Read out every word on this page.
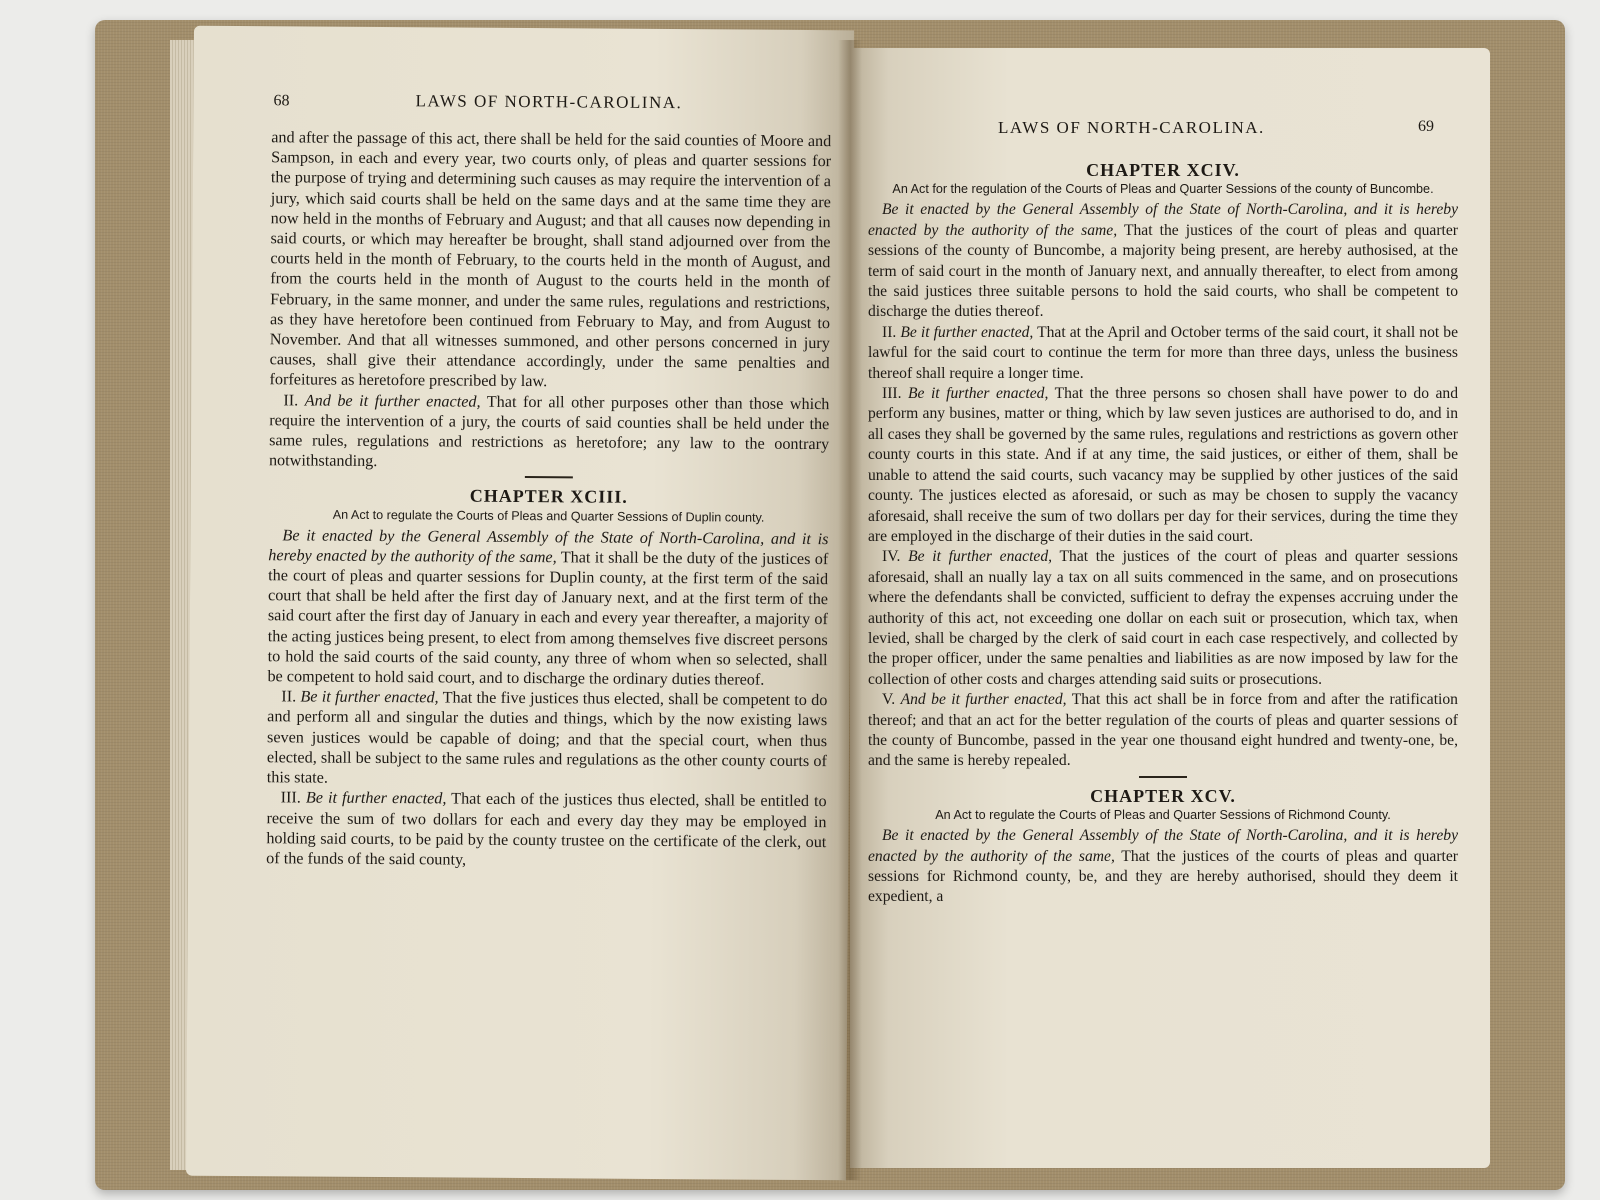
68	LAWS OF NORTH-CAROLINA.

and after the passage of this act, there shall be held for the said counties of Moore and Sampson, in each and every year, two courts only, of pleas and quarter sessions for the purpose of trying and determining such causes as may require the intervention of a jury, which said courts shall be held on the same days and at the same time they are now held in the months of February and August; and that all causes now depending in said courts, or which may hereafter be brought, shall stand adjourned over from the courts held in the month of February, to the courts held in the month of August, and from the courts held in the month of August to the courts held in the month of February, in the same monner, and under the same rules, regulations and restrictions, as they have heretofore been continued from February to May, and from August to November. And that all witnesses summoned, and other persons concerned in jury causes, shall give their attendance accordingly, under the same penalties and forfeitures as heretofore prescribed by law.

II. And be it further enacted, That for all other purposes other than those which require the intervention of a jury, the courts of said counties shall be held under the same rules, regulations and restrictions as heretofore; any law to the oontrary notwithstanding.

CHAPTER XCIII.
An Act to regulate the Courts of Pleas and Quarter Sessions of Duplin county.

Be it enacted by the General Assembly of the State of North-Carolina, and it is hereby enacted by the authority of the same, That it shall be the duty of the justices of the court of pleas and quarter sessions for Duplin county, at the first term of the said court that shall be held after the first day of January next, and at the first term of the said court after the first day of January in each and every year thereafter, a majority of the acting justices being present, to elect from among themselves five discreet persons to hold the said courts of the said county, any three of whom when so selected, shall be competent to hold said court, and to discharge the ordinary duties thereof.

II. Be it further enacted, That the five justices thus elected, shall be competent to do and perform all and singular the duties and things, which by the now existing laws seven justices would be capable of doing; and that the special court, when thus elected, shall be subject to the same rules and regulations as the other county courts of this state.

III. Be it further enacted, That each of the justices thus elected, shall be entitled to receive the sum of two dollars for each and every day they may be employed in holding said courts, to be paid by the county trustee on the certificate of the clerk, out of the funds of the said county,

LAWS OF NORTH-CAROLINA.	69
CHAPTER XCIV.
An Act for the regulation of the Courts of Pleas and Quarter Sessions of the county of Buncombe.

Be it enacted by the General Assembly of the State of North-Carolina, and it is hereby enacted by the authority of the same, That the justices of the court of pleas and quarter sessions of the county of Buncombe, a majority being present, are hereby authosised, at the term of said court in the month of January next, and annually thereafter, to elect from among the said justices three suitable persons to hold the said courts, who shall be competent to discharge the duties thereof.

II. Be it further enacted, That at the April and October terms of the said court, it shall not be lawful for the said court to continue the term for more than three days, unless the business thereof shall require a longer time.

III. Be it further enacted, That the three persons so chosen shall have power to do and perform any busines, matter or thing, which by law seven justices are authorised to do, and in all cases they shall be governed by the same rules, regulations and restrictions as govern other county courts in this state. And if at any time, the said justices, or either of them, shall be unable to attend the said courts, such vacancy may be supplied by other justices of the said county. The justices elected as aforesaid, or such as may be chosen to supply the vacancy aforesaid, shall receive the sum of two dollars per day for their services, during the time they are employed in the discharge of their duties in the said court.

IV. Be it further enacted, That the justices of the court of pleas and quarter sessions aforesaid, shall an nually lay a tax on all suits commenced in the same, and on prosecutions where the defendants shall be convicted, sufficient to defray the expenses accruing under the authority of this act, not exceeding one dollar on each suit or prosecution, which tax, when levied, shall be charged by the clerk of said court in each case respectively, and collected by the proper officer, under the same penalties and liabilities as are now imposed by law for the collection of other costs and charges attending said suits or prosecutions.

V. And be it further enacted, That this act shall be in force from and after the ratification thereof; and that an act for the better regulation of the courts of pleas and quarter sessions of the county of Buncombe, passed in the year one thousand eight hundred and twenty-one, be, and the same is hereby repealed.

CHAPTER XCV.
An Act to regulate the Courts of Pleas and Quarter Sessions of Richmond County.

Be it enacted by the General Assembly of the State of North-Carolina, and it is hereby enacted by the authority of the same, That the justices of the courts of pleas and quarter sessions for Richmond county, be, and they are hereby authorised, should they deem it expedient, a
